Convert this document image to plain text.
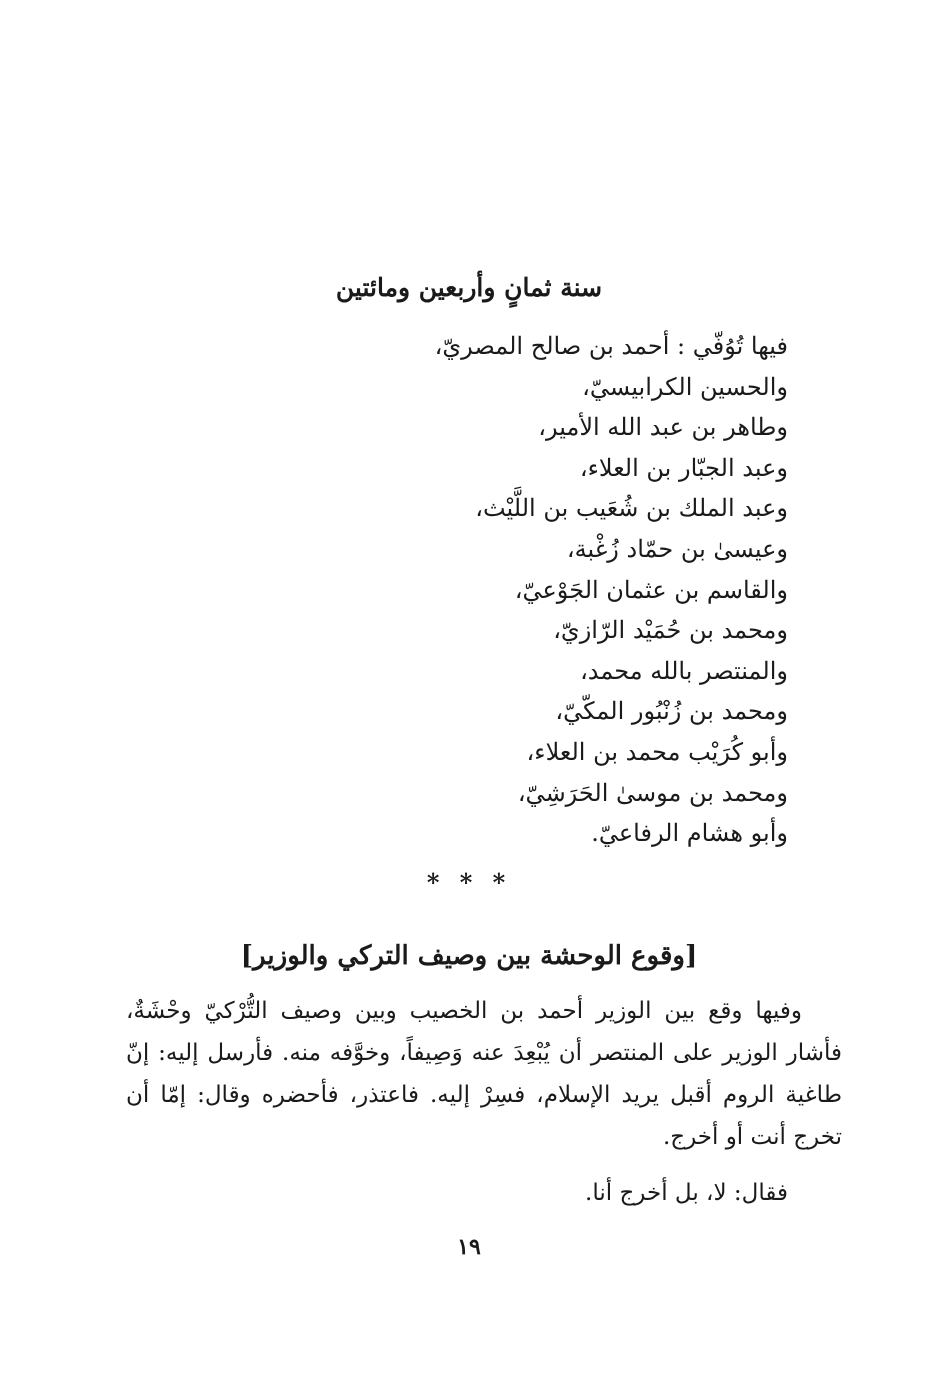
سنة ثمانٍ وأربعين ومائتين
فيها تُوُفّي : أحمد بن صالح المصريّ،
والحسين الكرابيسيّ،
وطاهر بن عبد الله الأمير،
وعبد الجبّار بن العلاء،
وعبد الملك بن شُعَيب بن اللَّيْث،
وعيسىٰ بن حمّاد زُغْبة،
والقاسم بن عثمان الجَوْعيّ،
ومحمد بن حُمَيْد الرّازيّ،
والمنتصر بالله محمد،
ومحمد بن زُنْبُور المكّيّ،
وأبو كُرَيْب محمد بن العلاء،
ومحمد بن موسىٰ الحَرَشِيّ،
وأبو هشام الرفاعيّ.
* * *
[وقوع الوحشة بين وصيف التركي والوزير]

وفيها وقع بين الوزير أحمد بن الخصيب وبين وصيف التُّرْكيّ وحْشَةٌ، فأشار الوزير على المنتصر أن يُبْعِدَ عنه وَصِيفاً، وخوَّفه منه. فأرسل إليه: إنّ طاغية الروم أقبل يريد الإسلام، فسِرْ إليه. فاعتذر، فأحضره وقال: إمّا أن تخرج أنت أو أخرج.

فقال: لا، بل أخرج أنا.

١٩
